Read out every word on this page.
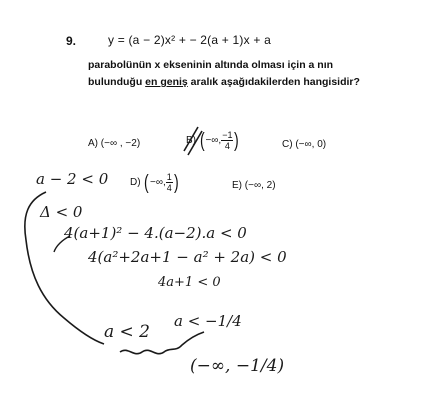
9.	y = (a − 2)x² + − 2(a + 1)x + a
parabolünün x ekseninin altında olması için a nın bulunduğu en geniş aralık aşağıdakilerden hangisidir?
A) (−∞ , −2)	B) (−∞, $\frac{-1}{4}$ )	C) (−∞, 0)
D) (−∞, $\frac{1}{4}$ )	E) (−∞, 2)
a − 2 < 0
Δ < 0
4(a+1)² − 4.(a−2).a < 0
4(a²+2a+1 − a² + 2a) < 0
4a+1 < 0
a < −1/4
a < 2
(−∞, −1/4)
